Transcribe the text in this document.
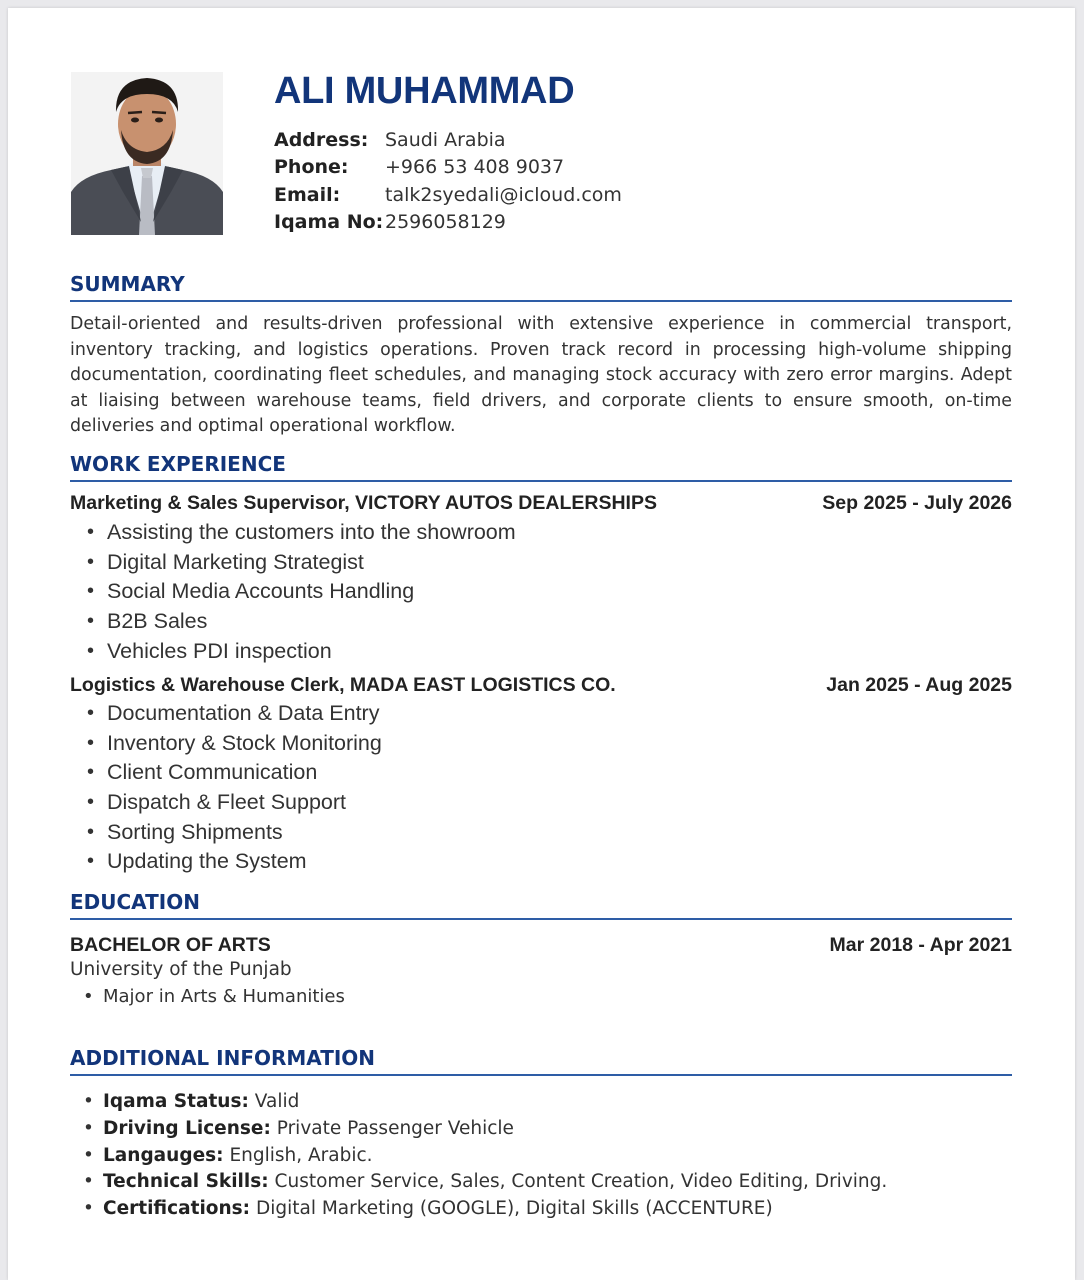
ALI MUHAMMAD
Address: Saudi Arabia
Phone:	+966 53 408 9037
Email:	talk2syedali@icloud.com
Iqama No: 2596058129
SUMMARY

Detail-oriented and results-driven professional with extensive experience in commercial transport, inventory tracking, and logistics operations. Proven track record in processing high-volume shipping documentation, coordinating fleet schedules, and managing stock accuracy with zero error margins. Adept at liaising between warehouse teams, field drivers, and corporate clients to ensure smooth, on-time deliveries and optimal operational workflow.

WORK EXPERIENCE
Marketing & Sales Supervisor, VICTORY AUTOS DEALERSHIPS	Sep 2025 - July 2026
• Assisting the customers into the showroom
• Digital Marketing Strategist
• Social Media Accounts Handling
• B2B Sales
• Vehicles PDI inspection
Logistics & Warehouse Clerk, MADA EAST LOGISTICS CO.	Jan 2025 - Aug 2025
• Documentation & Data Entry
• Inventory & Stock Monitoring
• Client Communication
• Dispatch & Fleet Support
• Sorting Shipments
• Updating the System
EDUCATION
BACHELOR OF ARTS	Mar 2018 - Apr 2021
University of the Punjab
• Major in Arts & Humanities
ADDITIONAL INFORMATION
• Iqama Status: Valid
• Driving License: Private Passenger Vehicle
• Langauges: English, Arabic.
• Technical Skills: Customer Service, Sales, Content Creation, Video Editing, Driving.
• Certifications: Digital Marketing (GOOGLE), Digital Skills (ACCENTURE)
